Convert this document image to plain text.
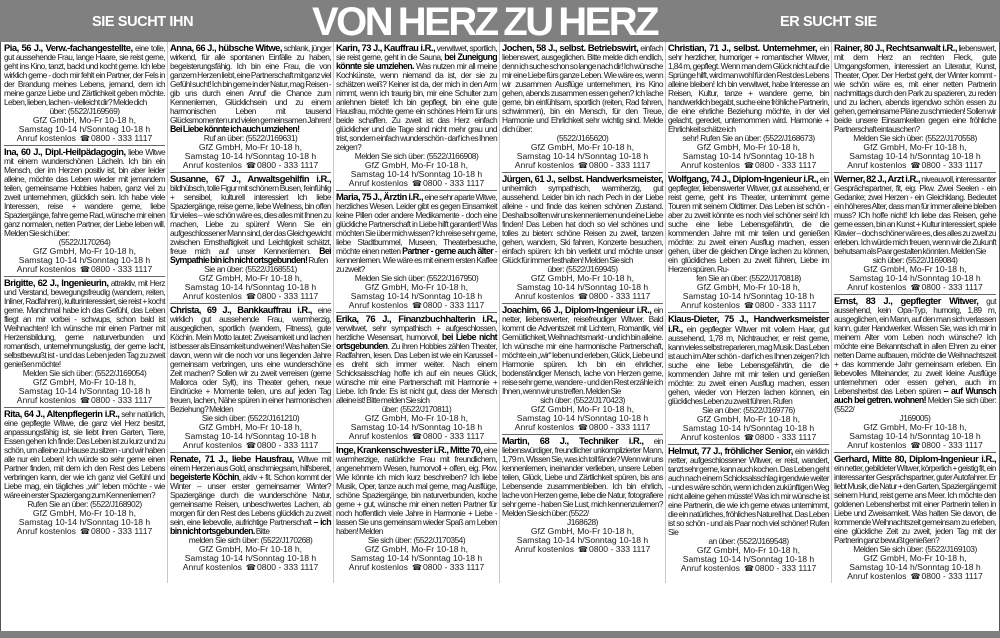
SIE SUCHT IHN	VON HERZ ZU HERZ	ER SUCHT SIE

Pia, 56 J., Verw.-fachangestellte, eine tolle, gut aussehende Frau, lange Haare, sie reist gerne, geht ins Kino, tanzt, backt und kocht gerne. Ich lebe wirklich gerne - doch mir fehlt ein Partner, der Fels in der Brandung meines Lebens, jemand, dem ich meine ganze Liebe und Zärtlichkeit geben möchte. Leben, lieben, lachen - vielleicht dir? Melde dich

über: (5522/J169569)
GfZ GmbH, Mo-Fr 10-18 h,
Samstag 10-14 h/Sonntag 10-18 h
Anruf kostenlos ☎0800 - 333 1117

Ina, 60 J., Dipl.-Heilpädagogin, liebe Witwe mit einem wunderschönen Lächeln. Ich bin ein Mensch, der im Herzen positiv ist, bin aber leider alleine, möchte das Leben wieder mit jemandem teilen, gemeinsame Hobbies haben, ganz viel zu zweit unternehmen, glücklich sein. Ich habe viele Interessen, reise + wandere gerne, liebe Spaziergänge, fahre gerne Rad, wünsche mir einen ganz normalen, netten Partner, der Liebe leben will. Melden Sie sich über:

(5522/J170264)
GfZ GmbH, Mo-Fr 10-18 h,
Samstag 10-14 h/Sonntag 10-18 h
Anruf kostenlos ☎0800 - 333 1117

Brigitte, 62 J., Ingenieurin, attraktiv, mit Herz und Verstand, bewegungsfreudig (wandern, reiten, Inliner, Radfahren), kulturinteressiert, sie reist + kocht gerne. Manchmal habe ich das Gefühl, das Leben fliegt an mir vorbei - schwups, schon bald ist Weihnachten! Ich wünsche mir einen Partner mit Herzensbildung, gerne naturverbunden und romantisch, unternehmungslustig, der gerne lacht, selbstbewußt ist - und das Leben jeden Tag zu zweit genießen möchte!

Melden Sie sich über: (5522/J169054)
GfZ GmbH, Mo-Fr 10-18 h,
Samstag 10-14 h/Sonntag 10-18 h
Anruf kostenlos ☎0800 - 333 1117

Rita, 64 J., Altenpflegerin i.R., sehr natürlich, eine gepflegte Witwe, die ganz viel Herz besitzt, anpassungsfähig ist, sie liebt ihren Garten, Tiere, Essen gehen Ich finde: Das Leben ist zu kurz und zu schön, um alleine zu Hause zu sitzen - und wir haben alle nur ein Leben! Ich würde so sehr gerne einen Partner finden, mit dem ich den Rest des Lebens verbringen kann, der wie ich ganz viel Gefühl und Liebe mag, ein tägliches „wir“ leben möchte - wie wäre ein erster Spaziergang zum Kennenlernen?

Rufen Sie an über: (5522/J168902)
GfZ GmbH, Mo-Fr 10-18 h,
Samstag 10-14 h/Sonntag 10-18 h
Anruf kostenlos ☎0800 - 333 1117

Anna, 66 J., hübsche Witwe, schlank, jünger wirkend, für alle spontanen Einfälle zu haben, begeisterungsfähig. Ich bin eine Frau, die von ganzem Herzen liebt, eine Partnerschaft mit ganz viel Gefühl sucht! Ich bin gerne in der Natur, mag Reisen - gib uns durch einen Anruf die Chance zum Kennenlernen, Glücklichsein und zu einem harmonischen Leben mit tausend Glücksmomenten und vielen gemeinsamen Jahren! Bei Liebe könnte ich auch umziehen!

Ruf an über: (5522/J169631)
GfZ GmbH, Mo-Fr 10-18 h,
Samstag 10-14 h/Sonntag 10-18 h
Anruf kostenlos ☎0800 - 333 1117

Susanne, 67 J., Anwaltsgehilfin i.R., bildhübsch, tolle Figur mit schönem Busen, feinfühlig + sensibel, kulturell interessiert Ich liebe Spaziergänge, reise gerne, liebe Wellness, bin offen für vieles – wie schön wäre es, dies alles mit Ihnen zu machen, Liebe zu spüren! Wenn Sie ein aufgeschlossener Mann sind, der das Gleichgewicht zwischen Ernsthaftigkeit und Leichtigkeit schätzt, freue mich auf unser Kennenlernen. Bei Sympathie bin ich nicht ortsgebunden! Rufen

Sie an über: (5522/J168551)
GfZ GmbH, Mo-Fr 10-18 h,
Samstag 10-14 h/Sonntag 10-18 h
Anruf kostenlos ☎0800 - 333 1117

Christa, 69 J., Bankkauffrau i.R., eine wirklich gut aussehende Frau, warmherzig, ausgeglichen, sportlich (wandern, Fitness), gute Köchin. Mein Motto lautet: Zweisamkeit und lachen ist besser als Einsamkeit und weinen! Was halten Sie davon, wenn wir die noch vor uns liegenden Jahre gemeinsam verbringen, uns eine wunderschöne Zeit machen? Sollen wir zu zweit verreisen (gerne Mallorca oder Sylt), ins Theater gehen, neue Eindrücke + Momente teilen, uns auf jeden Tag freuen, lachen, Nähe spüren in einer harmonischen Beziehung? Melden

Sie sich über: (5522/J161210)
GfZ GmbH, Mo-Fr 10-18 h,
Samstag 10-14 h/Sonntag 10-18 h
Anruf kostenlos ☎0800 - 333 1117

Renate, 71 J., liebe Hausfrau, Witwe mit einem Herzen aus Gold, anschmiegsam, hilfsbereit, begeisterte Köchin, aktiv + fit. Schon kommt der Winter – unser erster gemeinsamer Winter? Spaziergänge durch die wunderschöne Natur, gemeinsame Reisen, unbeschwertes Lachen, ab morgen für den Rest des Lebens glücklich zu zweit sein, eine liebevolle, aufrichtige Partnerschaft – ich bin nicht ortsgebunden. Bitte

melden Sie sich über: (5522/J170268)
GfZ GmbH, Mo-Fr 10-18 h,
Samstag 10-14 h/Sonntag 10-18 h
Anruf kostenlos ☎0800 - 333 1117

Karin, 73 J., Kauffrau i.R., verwitwet, sportlich, sie reist gerne, geht in die Sauna, bei Zuneigung könnte sie umziehen. Was nutzen mir all meine Kochkünste, wenn niemand da ist, der sie zu schätzen weiß? Keiner ist da, der mich in den Arm nimmt, wenn ich traurig bin, mir eine Schulter zum anlehnen bietet! Ich bin gepflegt, bin eine gute Hausfrau, möchte gerne ein schönes Heim für uns beide schaffen. Zu zweit ist das Herz einfach glücklicher und die Tage sind nicht mehr grau und trist, sondern einfach wunderschön - darf ich es Ihnen zeigen?

Melden Sie sich über: (5522/J166908)
GfZ GmbH, Mo-Fr 10-18 h,
Samstag 10-14 h/Sonntag 10-18 h
Anruf kostenlos ☎0800 - 333 1117

Maria, 75 J., Ärztin i.R., eine sehr aparte Witwe, herzliches Wesen. Leider gibt es gegen Einsamkeit keine Pillen oder andere Medikamente - doch eine glückliche Partnerschaft in Liebe hilft garantiert! Was möchten Sie über mich wissen? Ich reise sehr gerne, liebe Stadtbummel, Museen, Theaterbesuche, möchte einen netten Partner - gerne auch älter - kennenlernen. Wie wäre es mit einem ersten Kaffee zu zweit?

Melden Sie sich über: (5522/J167950)
GfZ GmbH, Mo-Fr 10-18 h,
Samstag 10-14 h/Sonntag 10-18 h
Anruf kostenlos ☎0800 - 333 1117

Erika, 76 J., Finanzbuchhalterin i.R., verwitwet, sehr sympathisch + aufgeschlossen, herzliche Wesensart, humorvoll, bei Liebe nicht ortsgebunden. Zu ihren Hobbies zählen Theater, Radfahren, lesen. Das Leben ist wie ein Karussell - es dreht sich immer weiter. Nach einem Schicksalsschlag hoffe ich auf ein neues Glück, wünsche mir eine Partnerschaft mit Harmonie + Liebe. Ich finde: Es ist nicht gut, dass der Mensch alleine ist! Bitte melden Sie sich

über: (5522/J170811)
GfZ GmbH, Mo-Fr 10-18 h,
Samstag 10-14 h/Sonntag 10-18 h
Anruf kostenlos ☎0800 - 333 1117

Inge, Krankenschwester i.R., Mitte 70, eine warmherzige, natürliche Frau mit freundlichem, angenehmem Wesen, humorvoll + offen, eig. Pkw. Wie könnte ich mich kurz beschreiben? Ich liebe Musik, Oper, tanze auch mal gerne, mag Ausflüge, schöne Spaziergänge, bin naturverbunden, koche gerne + gut, wünsche mir einen netten Partner für noch hoffentlich viele Jahre in Harmonie + Liebe - lassen Sie uns gemeinsam wieder Spaß am Leben haben! Melden

Sie sich über: (5522/J170354)
GfZ GmbH, Mo-Fr 10-18 h,
Samstag 10-14 h/Sonntag 10-18 h
Anruf kostenlos ☎0800 - 333 1117

Jochen, 58 J., selbst. Betriebswirt, einfach liebenswert, ausgeglichen. Bitte melde dich endlich, denn ich suche schon so lange nach dir! Ich wünsche mir eine Liebe fürs ganze Leben. Wie wäre es, wenn wir zusammen Ausflüge unternehmen, ins Kino gehen, abends zusammen essen gehen? Ich lache gerne, bin einfühlsam, sportlich (reiten, Rad fahren, schwimmen), bin ein Mensch, für den Treue, Harmonie und Ehrlichkeit sehr wichtig sind. Melde dich über:

(5522/J165620)
GfZ GmbH, Mo-Fr 10-18 h,
Samstag 10-14 h/Sonntag 10-18 h
Anruf kostenlos ☎0800 - 333 1117

Jürgen, 61 J., selbst. Handwerksmeister, unheimlich sympathisch, warmherzig, gut aussehend. Leider bin ich nach Pech in der Liebe alleine - und finde das keinen schönen Zustand. Deshalb sollten wir uns kennenlernen und eine Liebe finden! Das Leben hat doch so viel schönes und tolles zu bieten: schöne Reisen zu zweit, tanzen gehen, wandern, Ski fahren, Konzerte besuchen, einfach spüren: Ich bin verliebt und möchte unser Glück für immer festhalten! Melden Sie sich

über: (5522/J169945)
GfZ GmbH, Mo-Fr 10-18 h,
Samstag 10-14 h/Sonntag 10-18 h
Anruf kostenlos ☎0800 - 333 1117

Joachim, 66 J., Diplom-Ingenieur i.R., ein netter, liebenswerter, reisefreudiger Witwer. Bald kommt die Adventszeit mit Lichtern, Romantik, viel Gemütlichkeit, Weihnachtsmarkt - und ich bin alleine. Ich wünsche mir eine harmonische Partnerschaft, möchte ein „wir“ leben und erleben, Glück, Liebe und Harmonie spüren. Ich bin ein ehrlicher, bodenständiger Mensch, lache von Herzen gerne, reise sehr gerne, wandere - und den Rest erzähle ich Ihnen, wenn wir uns treffen. Melden Sie

sich über: (5522/J170423)
GfZ GmbH, Mo-Fr 10-18 h,
Samstag 10-14 h/Sonntag 10-18 h
Anruf kostenlos ☎0800 - 333 1117

Martin, 68 J., Techniker i.R., ein liebenswürdiger, freundlicher unkomplizierter Mann, 1,79 m. Wissen Sie, was ich toll fände? Wenn wir uns kennenlernen, ineinander verlieben, unsere Leben teilen, Glück, Liebe und Zärtlichkeit spüren, bis ans Lebensende zusammenbleiben. Ich bin ehrlich, lache von Herzen gerne, liebe die Natur, fotografiere sehr gerne - haben Sie Lust, mich kennenzulernen? Melden Sie sich über: (5522/

J168628)
GfZ GmbH, Mo-Fr 10-18 h,
Samstag 10-14 h/Sonntag 10-18 h
Anruf kostenlos ☎0800 - 333 1117

Christian, 71 J., selbst. Unternehmer, ein sehr herzlicher, humoriger + romantischer Witwer, 1,84 m, gepflegt. Wenn man dem Glück nicht auf die Sprünge hilft, wird man wohl für den Rest des Lebens alleine bleiben! Ich bin verwitwet, habe Interesse an Reisen, Kultur, tanze + wandere gerne, bin handwerklich begabt, suche eine fröhliche Partnerin, die eine ehrliche Beziehung möchte, in der viel gelacht, geredet, unternommen wird. Harmonie + Ehrlichkeit schätze ich

sehr! Rufen Sie an über: (5522/J168673)
GfZ GmbH, Mo-Fr 10-18 h,
Samstag 10-14 h/Sonntag 10-18 h
Anruf kostenlos ☎0800 - 333 1117

Wolfgang, 74 J., Diplom-Ingenieur i.R., ein gepflegter, liebenswerter Witwer, gut aussehend, er reist gerne, geht ins Theater, unternimmt gerne Touren mit seinem Oldtimer. Das Leben ist schön - aber zu zweit könnte es noch viel schöner sein! Ich suche eine liebe Lebensgefährtin, die die kommenden Jahre mit mir teilen und genießen möchte: zu zweit einen Ausflug machen, essen gehen, über die gleichen Dinge lachen zu können, ein glückliches Leben zu zweit führen, Liebe im Herzen spüren. Ru-

fen Sie an über: (5522/J170818)
GfZ GmbH, Mo-Fr 10-18 h,
Samstag 10-14 h/Sonntag 10-18 h
Anruf kostenlos ☎0800 - 333 1117

Klaus-Dieter, 75 J., Handwerksmeister i.R., ein gepflegter Witwer mit vollem Haar, gut aussehend, 1,78 m, Nichtraucher, er reist gerne, kann vieles selbst reparieren, mag Musik. Das Leben ist auch im Alter schön - darf ich es Ihnen zeigen? Ich suche eine liebe Lebensgefährtin, die die kommenden Jahre mit mir teilen und genießen möchte: zu zweit einen Ausflug machen, essen gehen, wieder von Herzen lachen können, ein glückliches Leben zu zweit führen. Rufen

Sie an über: (5522/J169776)
GfZ GmbH, Mo-Fr 10-18 h,
Samstag 10-14 h/Sonntag 10-18 h
Anruf kostenlos ☎0800 - 333 1117

Helmut, 77 J., fröhlicher Senior, ein wirklich netter, aufgeschlossener Witwer, er reist, wandert, tanzt sehr gerne, kann auch kochen. Das Leben geht auch nach einem Schicksalsschlag irgendwie weiter - und es wäre schön, wenn ich den zukünftigen Weg nicht alleine gehen müsste! Was ich mir wünsche ist eine Partnerin, die wie ich gerne etwas unternimmt, die ein natürliches, fröhliches Naturell hat. Das Leben ist so schön - und als Paar noch viel schöner! Rufen Sie

an über: (5522/J169548)
GfZ GmbH, Mo-Fr 10-18 h,
Samstag 10-14 h/Sonntag 10-18 h
Anruf kostenlos ☎0800 - 333 1117

Rainer, 80 J., Rechtsanwalt i.R., liebenswert, mit dem Herz an rechten Fleck, gute Umgangsformen, interessiert an Literatur, Kunst, Theater, Oper. Der Herbst geht, der Winter kommt - wie schön wäre es, mit einer netten Partnerin nachmittags durch den Park zu spazieren, zu reden und zu lachen, abends irgendwo schön essen zu gehen, gemeinsame Pläne zu schmieden! Sollen wir beide unsere Einsamkeiten gegen eine fröhliche Partnerschaft eintauschen?

Melden Sie sich über: (5522/J170558)
GfZ GmbH, Mo-Fr 10-18 h,
Samstag 10-14 h/Sonntag 10-18 h
Anruf kostenlos ☎0800 - 333 1117

Werner, 82 J., Arzt i.R., niveauvoll, interessanter Gesprächspartner, fit, eig. Pkw. Zwei Seelen - ein Gedanke; zwei Herzen - ein Gleichklang. Bedeutet ein höheres Alter, dass man für immer alleine bleiben muss? ICh hoffe nicht! Ich liebe das Reisen, gehe gerne essen, bin an Kunst + Kultur interessiert, spiele Klavier – doch schöner wäre es, dies alles zu zweit zu erleben. Ich würde mich freuen, wenn wir die Zukunft behutsam als Paar gestalten könnten. Melden Sie

sich über: (5522/J169084)
GfZ GmbH, Mo-Fr 10-18 h,
Samstag 10-14 h/Sonntag 10-18 h
Anruf kostenlos ☎0800 - 333 1117

Ernst, 83 J., gepflegter Witwer, gut aussehend, kein Opa-Typ, humorig, 1,89 m, ausgeglichen, ein Mann, auf den man sich verlassen kann, guter Handwerker. Wissen Sie, was ich mir in meinem Alter vom Leben noch wünsche? Ich möchte eine Bekanntschaft in allen Ehren zu einer netten Dame aufbauen, möchte die Weihnachtszeit + das kommende Jahr gemeinsam erleben. Ein liebevolles Miteinander, zu zweit kleine Ausflüge unternehmen oder essen gehen, auch im Lebensherbst das Leben spüren – auf Wunsch auch bei getren. wohnen! Melden Sie sich über: (5522/

J169005)
GfZ GmbH, Mo-Fr 10-18 h,
Samstag 10-14 h/Sonntag 10-18 h
Anruf kostenlos ☎0800 - 333 1117

Gerhard, Mitte 80, Diplom-Ingenieur i.R., ein netter, gebildeter Witwer, körperlich + geistig fit, ein interessanter Gesprächspartner, guter Autofahrer. Er liebt Musik, die Natur + den Garten, Spaziergänge mit seinem Hund, reist gerne ans Meer. Ich möchte den goldenen Lebensherbst mit einer Partnerin teilen in Liebe und Zweisamkeit. Was halten Sie davon, die kommende Weihnachtszeit gemeinsam zu erleben, eine glückliche Zeit zu zweit, jeden Tag mit der Partnerin ganz bewußt genießen?

Melden Sie sich über: (5522/J169103)
GfZ GmbH, Mo-Fr 10-18 h,
Samstag 10-14 h/Sonntag 10-18 h
Anruf kostenlos ☎0800 - 333 1117
